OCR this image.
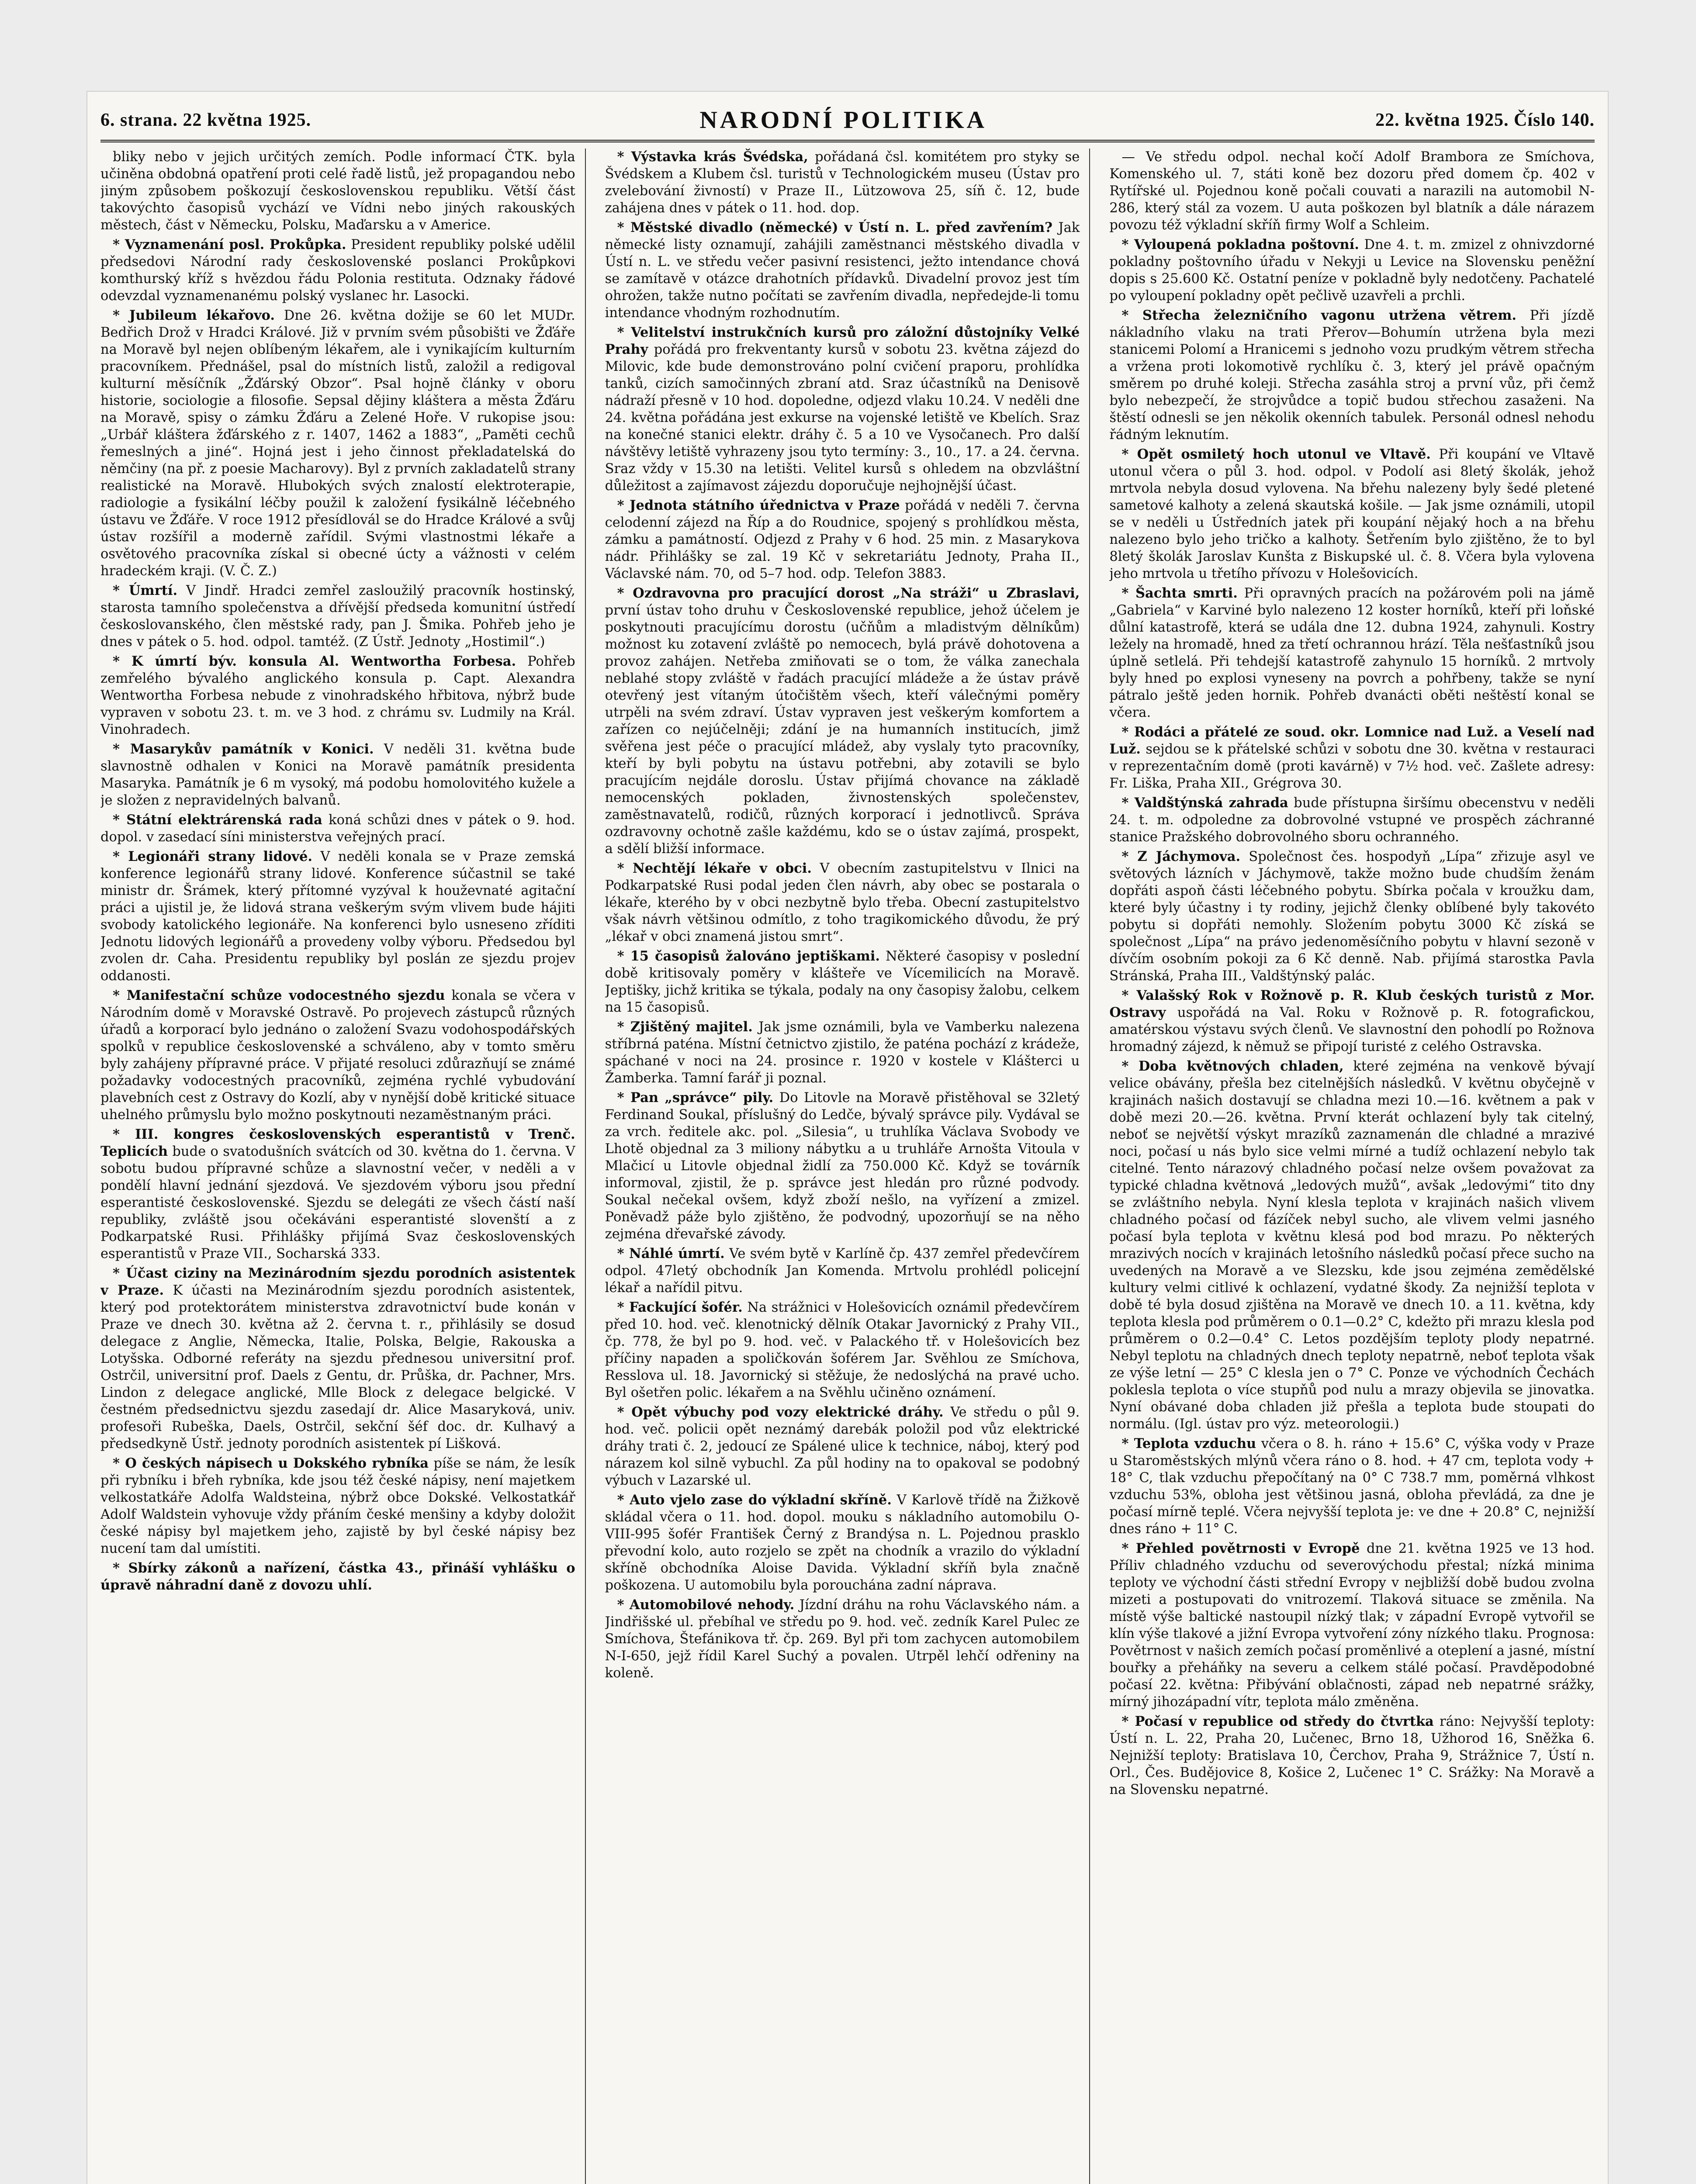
6. strana. 22 května 1925.	NARODNÍ POLITIKA	22. května 1925. Číslo 140.

bliky nebo v jejich určitých zemích. Podle informací ČTK. byla učiněna obdobná opatření proti celé řadě listů, jež propagandou nebo jiným způsobem poškozují československou republiku. Větší část takovýchto časopisů vychází ve Vídni nebo jiných rakouských městech, část v Německu, Polsku, Maďarsku a v Americe.

* Vyznamenání posl. Prokůpka. President republiky polské udělil předsedovi Národní rady československé poslanci Prokůpkovi komthurský kříž s hvězdou řádu Polonia restituta. Odznaky řádové odevzdal vyznamenanému polský vyslanec hr. Lasocki.

* Jubileum lékařovo. Dne 26. května dožije se 60 let MUDr. Bedřich Drož v Hradci Králové. Již v prvním svém působišti ve Žďáře na Moravě byl nejen oblíbeným lékařem, ale i vynikajícím kulturním pracovníkem. Přednášel, psal do místních listů, založil a redigoval kulturní měsíčník „Žďárský Obzor“. Psal hojně články v oboru historie, sociologie a filosofie. Sepsal dějiny kláštera a města Žďáru na Moravě, spisy o zámku Žďáru a Zelené Hoře. V rukopise jsou: „Urbář kláštera žďárského z r. 1407, 1462 a 1883“, „Paměti cechů řemeslných a jiné“. Hojná jest i jeho činnost překladatelská do němčiny (na př. z poesie Macharovy). Byl z prvních zakladatelů strany realistické na Moravě. Hlubokých svých znalostí elektroterapie, radiologie a fysikální léčby použil k založení fysikálně léčebného ústavu ve Žďáře. V roce 1912 přesídlovál se do Hradce Králové a svůj ústav rozšířil a moderně zařídil. Svými vlastnostmi lékaře a osvětového pracovníka získal si obecné úcty a vážnosti v celém hradeckém kraji. (V. Č. Z.)

* Úmrtí. V Jindř. Hradci zemřel zasloužilý pracovník hostinský, starosta tamního společenstva a dřívější předseda komunitní ústředí českoslovanského, člen městské rady, pan J. Šmika. Pohřeb jeho je dnes v pátek o 5. hod. odpol. tamtéž. (Z Ústř. Jednoty „Hostimil“.)

* K úmrtí býv. konsula Al. Wentwortha Forbesa. Pohřeb zemřelého bývalého anglického konsula p. Capt. Alexandra Wentwortha Forbesa nebude z vinohradského hřbitova, nýbrž bude vypraven v sobotu 23. t. m. ve 3 hod. z chrámu sv. Ludmily na Král. Vinohradech.

* Masarykův památník v Konici. V neděli 31. května bude slavnostně odhalen v Konici na Moravě památník presidenta Masaryka. Památník je 6 m vysoký, má podobu homolovitého kužele a je složen z nepravidelných balvanů.

* Státní elektrárenská rada koná schůzi dnes v pátek o 9. hod. dopol. v zasedací síni ministerstva veřejných prací.

* Legionáři strany lidové. V neděli konala se v Praze zemská konference legionářů strany lidové. Konference súčastnil se také ministr dr. Šrámek, který přítomné vyzýval k houževnaté agitační práci a ujistil je, že lidová strana veškerým svým vlivem bude hájiti svobody katolického legionáře. Na konferenci bylo usneseno zříditi Jednotu lidových legionářů a provedeny volby výboru. Předsedou byl zvolen dr. Caha. Presidentu republiky byl poslán ze sjezdu projev oddanosti.

* Manifestační schůze vodocestného sjezdu konala se včera v Národním domě v Moravské Ostravě. Po projevech zástupců různých úřadů a korporací bylo jednáno o založení Svazu vodohospodářských spolků v republice československé a schváleno, aby v tomto směru byly zahájeny přípravné práce. V přijaté resoluci zdůrazňují se známé požadavky vodocestných pracovníků, zejména rychlé vybudování plavebních cest z Ostravy do Kozlí, aby v nynější době kritické situace uhelného průmyslu bylo možno poskytnouti nezaměstnaným práci.

* III. kongres československých esperantistů v Trenč. Teplicích bude o svatodušních svátcích od 30. května do 1. června. V sobotu budou přípravné schůze a slavnostní večer, v neděli a v pondělí hlavní jednání sjezdová. Ve sjezdovém výboru jsou přední esperantisté československé. Sjezdu se delegáti ze všech částí naší republiky, zvláště jsou očekáváni esperantisté slovenští a z Podkarpatské Rusi. Přihlášky přijímá Svaz československých esperantistů v Praze VII., Socharská 333.

* Účast ciziny na Mezinárodním sjezdu porodních asistentek v Praze. K účasti na Mezinárodním sjezdu porodních asistentek, který pod protektorátem ministerstva zdravotnictví bude konán v Praze ve dnech 30. května až 2. června t. r., přihlásily se dosud delegace z Anglie, Německa, Italie, Polska, Belgie, Rakouska a Lotyšska. Odborné referáty na sjezdu přednesou universitní prof. Ostrčil, universitní prof. Daels z Gentu, dr. Průška, dr. Pachner, Mrs. Lindon z delegace anglické, Mlle Block z delegace belgické. V čestném předsednictvu sjezdu zasedají dr. Alice Masaryková, univ. profesoři Rubeška, Daels, Ostrčil, sekční šéf doc. dr. Kulhavý a předsedkyně Ústř. jednoty porodních asistentek pí Lišková.

* O českých nápisech u Dokského rybníka píše se nám, že lesík při rybníku i břeh rybníka, kde jsou též české nápisy, není majetkem velkostatkáře Adolfa Waldsteina, nýbrž obce Dokské. Velkostatkář Adolf Waldstein vyhovuje vždy přáním české menšiny a kdyby doložit české nápisy byl majetkem jeho, zajistě by byl české nápisy bez nucení tam dal umístiti.

* Sbírky zákonů a nařízení, částka 43., přináší vyhlášku o úpravě náhradní daně z dovozu uhlí.

* Výstavka krás Švédska, pořádaná čsl. komitétem pro styky se Švédskem a Klubem čsl. turistů v Technologickém museu (Ústav pro zvelebování živností) v Praze II., Lützowova 25, síň č. 12, bude zahájena dnes v pátek o 11. hod. dop.

* Městské divadlo (německé) v Ústí n. L. před zavřením? Jak německé listy oznamují, zahájili zaměstnanci městského divadla v Ústí n. L. ve středu večer pasivní resistenci, ježto intendance chová se zamítavě v otázce drahotních přídavků. Divadelní provoz jest tím ohrožen, takže nutno počítati se zavřením divadla, nepředejde-li tomu intendance vhodným rozhodnutím.

* Velitelství instrukčních kursů pro záložní důstojníky Velké Prahy pořádá pro frekventanty kursů v sobotu 23. května zájezd do Milovic, kde bude demonstrováno polní cvičení praporu, prohlídka tanků, cizích samočinných zbraní atd. Sraz účastníků na Denisově nádraží přesně v 10 hod. dopoledne, odjezd vlaku 10.24. V neděli dne 24. května pořádána jest exkurse na vojenské letiště ve Kbelích. Sraz na konečné stanici elektr. dráhy č. 5 a 10 ve Vysočanech. Pro další návštěvy letiště vyhrazeny jsou tyto termíny: 3., 10., 17. a 24. června. Sraz vždy v 15.30 na letišti. Velitel kursů s ohledem na obzvláštní důležitost a zajímavost zájezdu doporučuje nejhojnější účast.

* Jednota státního úřednictva v Praze pořádá v neděli 7. června celodenní zájezd na Říp a do Roudnice, spojený s prohlídkou města, zámku a památností. Odjezd z Prahy v 6 hod. 25 min. z Masarykova nádr. Přihlášky se zal. 19 Kč v sekretariátu Jednoty, Praha II., Václavské nám. 70, od 5–7 hod. odp. Telefon 3883.

* Ozdravovna pro pracující dorost „Na stráži“ u Zbraslavi, první ústav toho druhu v Československé republice, jehož účelem je poskytnouti pracujícímu dorostu (učňům a mladistvým dělníkům) možnost ku zotavení zvláště po nemocech, bylá právě dohotovena a provoz zahájen. Netřeba zmiňovati se o tom, že válka zanechala neblahé stopy zvláště v řadách pracující mládeže a že ústav právě otevřený jest vítaným útočištěm všech, kteří válečnými poměry utrpěli na svém zdraví. Ústav vypraven jest veškerým komfortem a zařízen co nejúčelněji; zdání je na humanních institucích, jimž svěřena jest péče o pracující mládež, aby vyslaly tyto pracovníky, kteří by byli pobytu na ústavu potřebni, aby zotavili se bylo pracujícím nejdále doroslu. Ústav přijímá chovance na základě nemocenských pokladen, živnostenských společenstev, zaměstnavatelů, rodičů, různých korporací i jednotlivců. Správa ozdravovny ochotně zašle každému, kdo se o ústav zajímá, prospekt, a sdělí bližší informace.

* Nechtějí lékaře v obci. V obecním zastupitelstvu v Ilnici na Podkarpatské Rusi podal jeden člen návrh, aby obec se postarala o lékaře, kterého by v obci nezbytně bylo třeba. Obecní zastupitelstvo však návrh většinou odmítlo, z toho tragikomického důvodu, že prý „lékař v obci znamená jistou smrt“.

* 15 časopisů žalováno jeptiškami. Některé časopisy v poslední době kritisovaly poměry v klášteře ve Vícemilicích na Moravě. Jeptišky, jichž kritika se týkala, podaly na ony časopisy žalobu, celkem na 15 časopisů.

* Zjištěný majitel. Jak jsme oznámili, byla ve Vamberku nalezena stříbrná paténa. Místní četnictvo zjistilo, že paténa pochází z krádeže, spáchané v noci na 24. prosince r. 1920 v kostele v Klášterci u Žamberka. Tamní farář ji poznal.

* Pan „správce“ pily. Do Litovle na Moravě přistěhoval se 32letý Ferdinand Soukal, příslušný do Ledče, bývalý správce pily. Vydával se za vrch. ředitele akc. pol. „Silesia“, u truhlíka Václava Svobody ve Lhotě objednal za 3 miliony nábytku a u truhláře Arnošta Vitoula v Mlačicí u Litovle objednal židlí za 750.000 Kč. Když se továrník informoval, zjistil, že p. správce jest hledán pro různé podvody. Soukal nečekal ovšem, když zboží nešlo, na vyřízení a zmizel. Poněvadž páže bylo zjištěno, že podvodný, upozorňují se na něho zejména dřevařské závody.

* Náhlé úmrtí. Ve svém bytě v Karlíně čp. 437 zemřel předevčírem odpol. 47letý obchodník Jan Komenda. Mrtvolu prohlédl policejní lékař a nařídil pitvu.

* Fackující šofér. Na strážnici v Holešovicích oznámil předevčírem před 10. hod. več. klenotnický dělník Otakar Javornický z Prahy VII., čp. 778, že byl po 9. hod. več. v Palackého tř. v Holešovicích bez příčiny napaden a spoličkován šoférem Jar. Svěhlou ze Smíchova, Resslova ul. 18. Javornický si stěžuje, že nedoslýchá na pravé ucho. Byl ošetřen polic. lékařem a na Svěhlu učiněno oznámení.

* Opět výbuchy pod vozy elektrické dráhy. Ve středu o půl 9. hod. več. policii opět neznámý darebák položil pod vůz elektrické dráhy trati č. 2, jedoucí ze Spálené ulice k technice, náboj, který pod nárazem kol silně vybuchl. Za půl hodiny na to opakoval se podobný výbuch v Lazarské ul.

* Auto vjelo zase do výkladní skříně. V Karlově třídě na Žižkově skládal včera o 11. hod. dopol. mouku s nákladního automobilu O-VIII-995 šofér František Černý z Brandýsa n. L. Pojednou prasklo převodní kolo, auto rozjelo se zpět na chodník a vrazilo do výkladní skříně obchodníka Aloise Davida. Výkladní skříň byla značně poškozena. U automobilu byla porouchána zadní náprava.

* Automobilové nehody. Jízdní dráhu na rohu Václavského nám. a Jindřišské ul. přebíhal ve středu po 9. hod. več. zedník Karel Pulec ze Smíchova, Štefánikova tř. čp. 269. Byl při tom zachycen automobilem N-I-650, jejž řídil Karel Suchý a povalen. Utrpěl lehčí odřeniny na koleně.

— Ve středu odpol. nechal kočí Adolf Brambora ze Smíchova, Komenského ul. 7, státi koně bez dozoru před domem čp. 402 v Rytířské ul. Pojednou koně počali couvati a narazili na automobil N-286, který stál za vozem. U auta poškozen byl blatník a dále nárazem povozu též výkladní skříň firmy Wolf a Schleim.

* Vyloupená pokladna poštovní. Dne 4. t. m. zmizel z ohnivzdorné pokladny poštovního úřadu v Nekyji u Levice na Slovensku peněžní dopis s 25.600 Kč. Ostatní peníze v pokladně byly nedotčeny. Pachatelé po vyloupení pokladny opět pečlivě uzavřeli a prchli.

* Střecha železničního vagonu utržena větrem. Při jízdě nákladního vlaku na trati Přerov—Bohumín utržena byla mezi stanicemi Polomí a Hranicemi s jednoho vozu prudkým větrem střecha a vržena proti lokomotivě rychlíku č. 3, který jel právě opačným směrem po druhé koleji. Střecha zasáhla stroj a první vůz, při čemž bylo nebezpečí, že strojvůdce a topič budou střechou zasaženi. Na štěstí odnesli se jen několik okenních tabulek. Personál odnesl nehodu řádným leknutím.

* Opět osmiletý hoch utonul ve Vltavě. Při koupání ve Vltavě utonul včera o půl 3. hod. odpol. v Podolí asi 8letý školák, jehož mrtvola nebyla dosud vylovena. Na břehu nalezeny byly šedé pletené sametové kalhoty a zelená skautská košile. — Jak jsme oznámili, utopil se v neděli u Ústředních jatek při koupání nějaký hoch a na břehu nalezeno bylo jeho tričko a kalhoty. Šetřením bylo zjištěno, že to byl 8letý školák Jaroslav Kunšta z Biskupské ul. č. 8. Včera byla vylovena jeho mrtvola u třetího přívozu v Holešovicích.

* Šachta smrti. Při opravných pracích na požárovém poli na jámě „Gabriela“ v Karviné bylo nalezeno 12 koster horníků, kteří při loňské důlní katastrofě, která se udála dne 12. dubna 1924, zahynuli. Kostry ležely na hromadě, hned za třetí ochrannou hrází. Těla nešťastníků jsou úplně setlelá. Při tehdejší katastrofě zahynulo 15 horníků. 2 mrtvoly byly hned po explosi vyneseny na povrch a pohřbeny, takže se nyní pátralo ještě jeden hornik. Pohřeb dvanácti oběti neštěstí konal se včera.

* Rodáci a přátelé ze soud. okr. Lomnice nad Luž. a Veselí nad Luž. sejdou se k přátelské schůzi v sobotu dne 30. května v restauraci v reprezentačním domě (proti kavárně) v 7½ hod. več. Zašlete adresy: Fr. Liška, Praha XII., Grégrova 30.

* Valdštýnská zahrada bude přístupna širšímu obecenstvu v neděli 24. t. m. odpoledne za dobrovolné vstupné ve prospěch záchranné stanice Pražského dobrovolného sboru ochranného.

* Z Jáchymova. Společnost čes. hospodyň „Lípa“ zřizuje asyl ve světových lázních v Jáchymově, takže možno bude chudším ženám dopřáti aspoň části léčebného pobytu. Sbírka počala v kroužku dam, které byly účastny i ty rodiny, jejichž členky oblíbené byly takovéto pobytu si dopřáti nemohly. Složením pobytu 3000 Kč získá se společnost „Lípa“ na právo jedenoměsíčního pobytu v hlavní sezoně v dívčím osobním pokoji za 6 Kč denně. Nab. přijímá starostka Pavla Stránská, Praha III., Valdštýnský palác.

* Valašský Rok v Rožnově p. R. Klub českých turistů z Mor. Ostravy uspořádá na Val. Roku v Rožnově p. R. fotografickou, amatérskou výstavu svých členů. Ve slavnostní den pohodlí po Rožnova hromadný zájezd, k němuž se připojí turisté z celého Ostravska.

* Doba květnových chladen, které zejména na venkově bývají velice obávány, přešla bez citelnějších následků. V květnu obyčejně v krajinách našich dostavují se chladna mezi 10.—16. květnem a pak v době mezi 20.—26. května. První kterát ochlazení byly tak citelný, neboť se největší výskyt mrazíků zaznamenán dle chladné a mrazivé noci, počasí u nás bylo sice velmi mírné a tudíž ochlazení nebylo tak citelné. Tento nárazový chladného počasí nelze ovšem považovat za typické chladna květnová „ledových mužů“, avšak „ledovými“ tito dny se zvláštního nebyla. Nyní klesla teplota v krajinách našich vlivem chladného počasí od fázíček nebyl sucho, ale vlivem velmi jasného počasí byla teplota v květnu klesá pod bod mrazu. Po některých mrazivých nocích v krajinách letošního následků počasí přece sucho na uvedených na Moravě a ve Slezsku, kde jsou zejména zemědělské kultury velmi citlivé k ochlazení, vydatné škody. Za nejnižší teplota v době té byla dosud zjištěna na Moravě ve dnech 10. a 11. května, kdy teplota klesla pod průměrem o 0.1—0.2° C, kdežto při mrazu klesla pod průměrem o 0.2—0.4° C. Letos pozdějším teploty plody nepatrné. Nebyl teplotu na chladných dnech teploty nepatrně, neboť teplota však ze výše letní — 25° C klesla jen o 7° C. Ponze ve východních Čechách poklesla teplota o více stupňů pod nulu a mrazy objevila se jinovatka. Nyní obávané doba chladen již přešla a teplota bude stoupati do normálu. (Igl. ústav pro výz. meteorologii.)

* Teplota vzduchu včera o 8. h. ráno + 15.6° C, výška vody v Praze u Staroměstských mlýnů včera ráno o 8. hod. + 47 cm, teplota vody + 18° C, tlak vzduchu přepočítaný na 0° C 738.7 mm, poměrná vlhkost vzduchu 53%, obloha jest většinou jasná, obloha převládá, za dne je počasí mírně teplé. Včera nejvyšší teplota je: ve dne + 20.8° C, nejnižší dnes ráno + 11° C.

* Přehled povětrnosti v Evropě dne 21. května 1925 ve 13 hod. Příliv chladného vzduchu od severovýchodu přestal; nízká minima teploty ve východní části střední Evropy v nejbližší době budou zvolna mizeti a postupovati do vnitrozemí. Tlaková situace se změnila. Na místě výše baltické nastoupil nízký tlak; v západní Evropě vytvořil se klín výše tlakové a jižní Evropa vytvoření zóny nízkého tlaku. Prognosa: Povětrnost v našich zemích počasí proměnlivé a oteplení a jasné, místní bouřky a přeháňky na severu a celkem stálé počasí. Pravděpodobné počasí 22. května: Přibývání oblačnosti, západ neb nepatrné srážky, mírný jihozápadní vítr, teplota málo změněna.

* Počasí v republice od středy do čtvrtka ráno: Nejvyšší teploty: Ústí n. L. 22, Praha 20, Lučenec, Brno 18, Užhorod 16, Sněžka 6. Nejnižší teploty: Bratislava 10, Čerchov, Praha 9, Strážnice 7, Ústí n. Orl., Čes. Budějovice 8, Košice 2, Lučenec 1° C. Srážky: Na Moravě a na Slovensku nepatrné.
